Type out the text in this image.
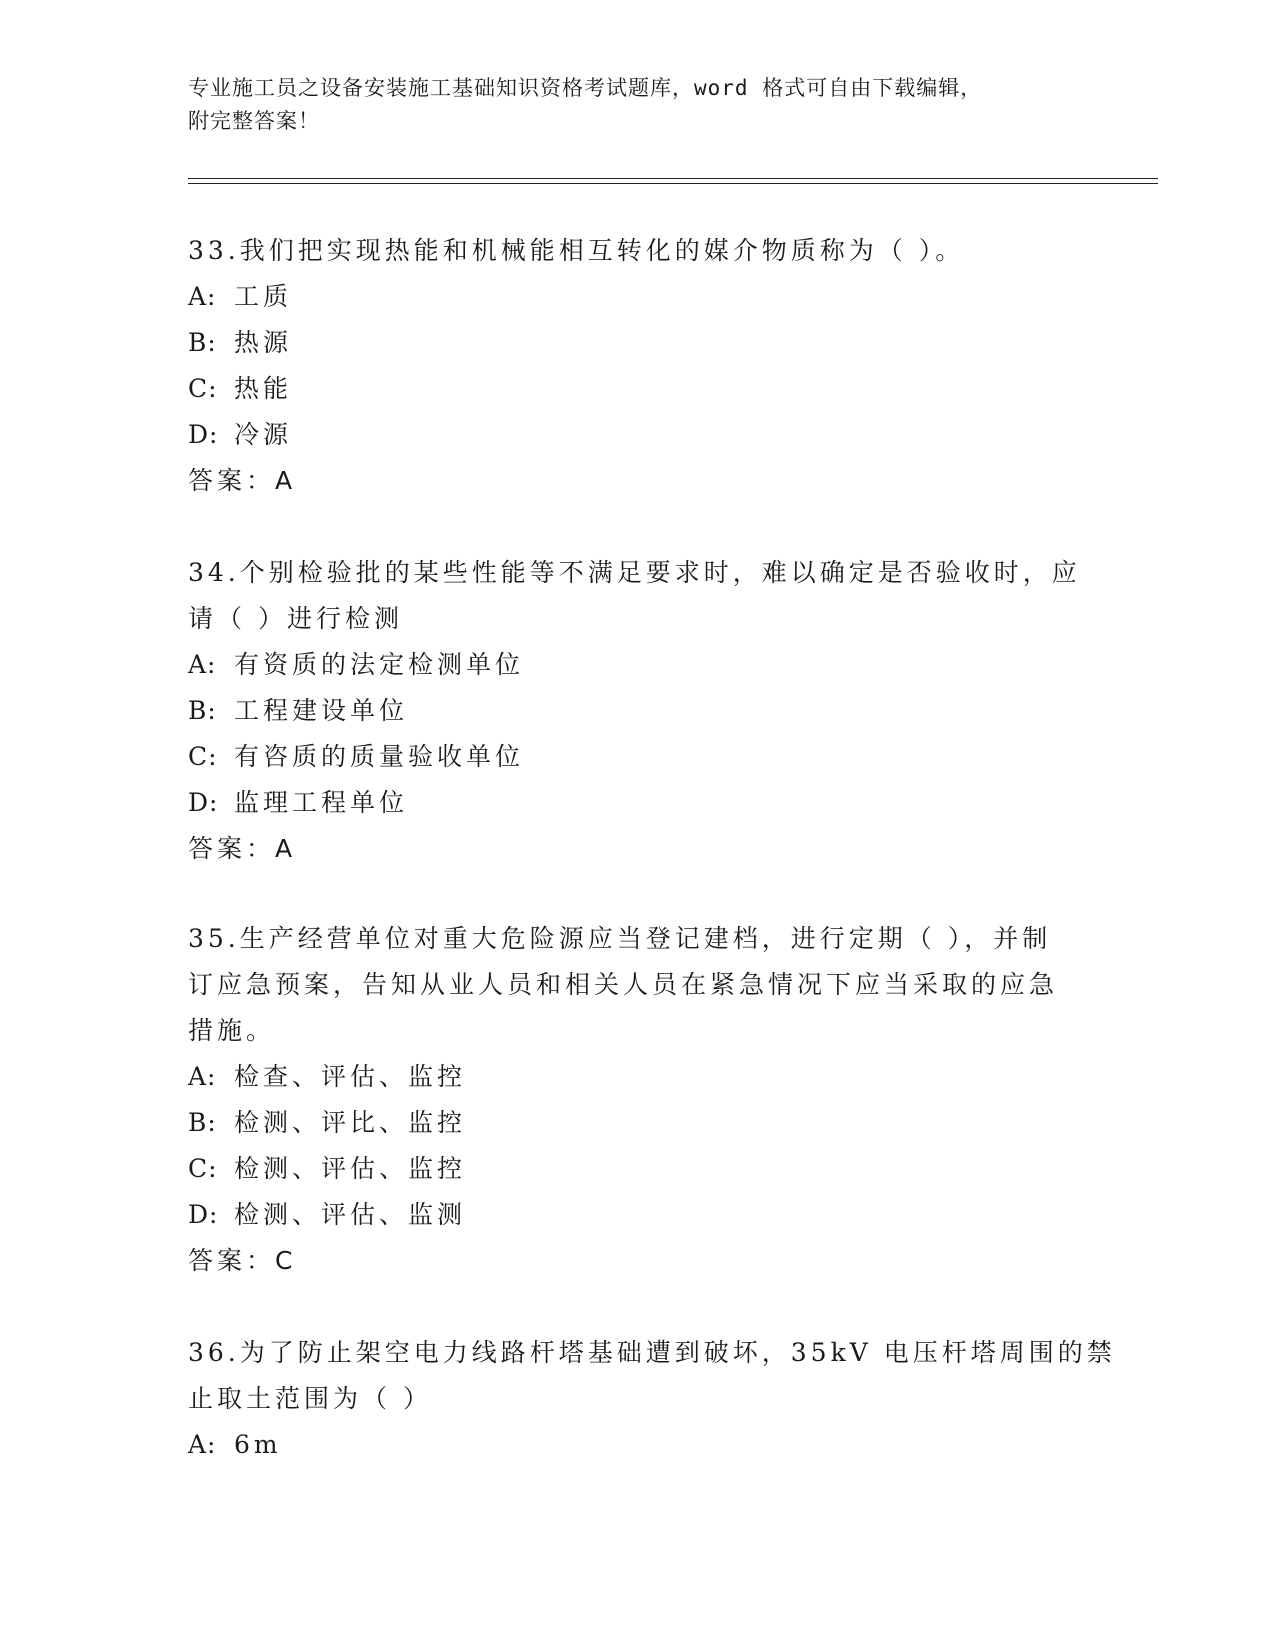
专业施工员之设备安装施工基础知识资格考试题库，word 格式可自由下载编辑，
附完整答案！
33.我们把实现热能和机械能相互转化的媒介物质称为（ ）。
A: 工质
B: 热源
C: 热能
D: 冷源
答案：A
34.个别检验批的某些性能等不满足要求时，难以确定是否验收时，应
请（ ）进行检测
A: 有资质的法定检测单位
B: 工程建设单位
C: 有咨质的质量验收单位
D: 监理工程单位
答案：A
35.生产经营单位对重大危险源应当登记建档，进行定期（ ），并制
订应急预案，告知从业人员和相关人员在紧急情况下应当采取的应急
措施。
A: 检查、评估、监控
B: 检测、评比、监控
C: 检测、评估、监控
D: 检测、评估、监测
答案：C
36.为了防止架空电力线路杆塔基础遭到破坏，35kV 电压杆塔周围的禁
止取土范围为（ ）
A: 6m
